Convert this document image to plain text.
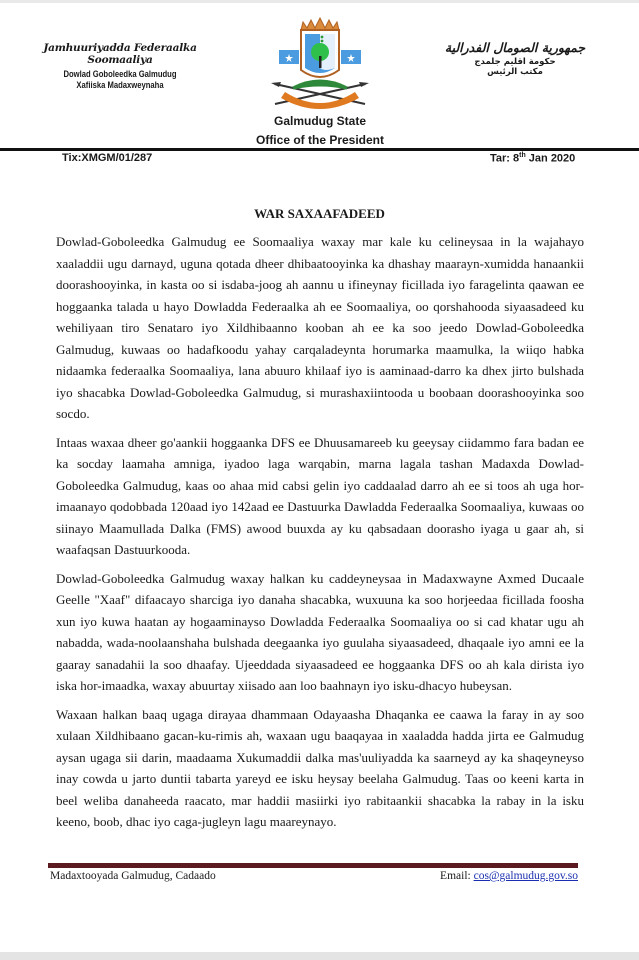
Jamhuuriyadda Federaalka Soomaaliya
Dowlad Goboleedka Galmudug
Xafiiska Madaxweynaha
جمهورية الصومال الفدرالية
حكومة اقليم جلمدج
مكتب الرئيس
Galmudug State
Office of the President
Tix:XMGM/01/287	Tar: 8th Jan 2020
WAR SAXAAFADEED

Dowlad-Goboleedka Galmudug ee Soomaaliya waxay mar kale ku celineysaa in la wajahayo xaaladdii ugu darnayd, uguna qotada dheer dhibaatooyinka ka dhashay maarayn-xumidda hanaankii doorashooyinka, in kasta oo si isdaba-joog ah aannu u ifineynay ficillada iyo faragelinta qaawan ee hoggaanka talada u hayo Dowladda Federaalka ah ee Soomaaliya, oo qorshahooda siyaasadeed ku wehiliyaan tiro Senataro iyo Xildhibaanno kooban ah ee ka soo jeedo Dowlad-Goboleedka Galmudug, kuwaas oo hadafkoodu yahay carqaladeynta horumarka maamulka, la wiiqo habka nidaamka federaalka Soomaaliya, lana abuuro khilaaf iyo is aaminaad-darro ka dhex jirto bulshada iyo shacabka Dowlad-Goboleedka Galmudug, si murashaxiintooda u boobaan doorashooyinka soo socdo.

Intaas waxaa dheer go'aankii hoggaanka DFS ee Dhuusamareeb ku geeysay ciidammo fara badan ee ka socday laamaha amniga, iyadoo laga warqabin, marna lagala tashan Madaxda Dowlad-Goboleedka Galmudug, kaas oo ahaa mid cabsi gelin iyo caddaalad darro ah ee si toos ah uga hor-imaanayo qodobbada 120aad iyo 142aad ee Dastuurka Dawladda Federaalka Soomaaliya, kuwaas oo siinayo Maamullada Dalka (FMS) awood buuxda ay ku qabsadaan doorasho iyaga u gaar ah, si waafaqsan Dastuurkooda.

Dowlad-Goboleedka Galmudug waxay halkan ku caddeyneysaa in Madaxwayne Axmed Ducaale Geelle "Xaaf" difaacayo sharciga iyo danaha shacabka, wuxuuna ka soo horjeedaa ficillada foosha xun iyo kuwa haatan ay hogaaminayso Dowladda Federaalka Soomaaliya oo si cad khatar ugu ah nabadda, wada-noolaanshaha bulshada deegaanka iyo guulaha siyaasadeed, dhaqaale iyo amni ee la gaaray sanadahii la soo dhaafay. Ujeeddada siyaasadeed ee hoggaanka DFS oo ah kala dirista iyo iska hor-imaadka, waxay abuurtay xiisado aan loo baahnayn iyo isku-dhacyo hubeysan.

Waxaan halkan baaq ugaga dirayaa dhammaan Odayaasha Dhaqanka ee caawa la faray in ay soo xulaan Xildhibaano gacan-ku-rimis ah, waxaan ugu baaqayaa in xaaladda hadda jirta ee Galmudug aysan ugaga sii darin, maadaama Xukumaddii dalka mas'uuliyadda ka saarneyd ay ka shaqeyneyso inay cowda u jarto duntii tabarta yareyd ee isku heysay beelaha Galmudug. Taas oo keeni karta in beel weliba danaheeda raacato, mar haddii masiirki iyo rabitaankii shacabka la rabay in la isku keeno, boob, dhac iyo caga-jugleyn lagu maareynayo.

Madaxtooyada Galmudug, Cadaado	Email: cos@galmudug.gov.so
